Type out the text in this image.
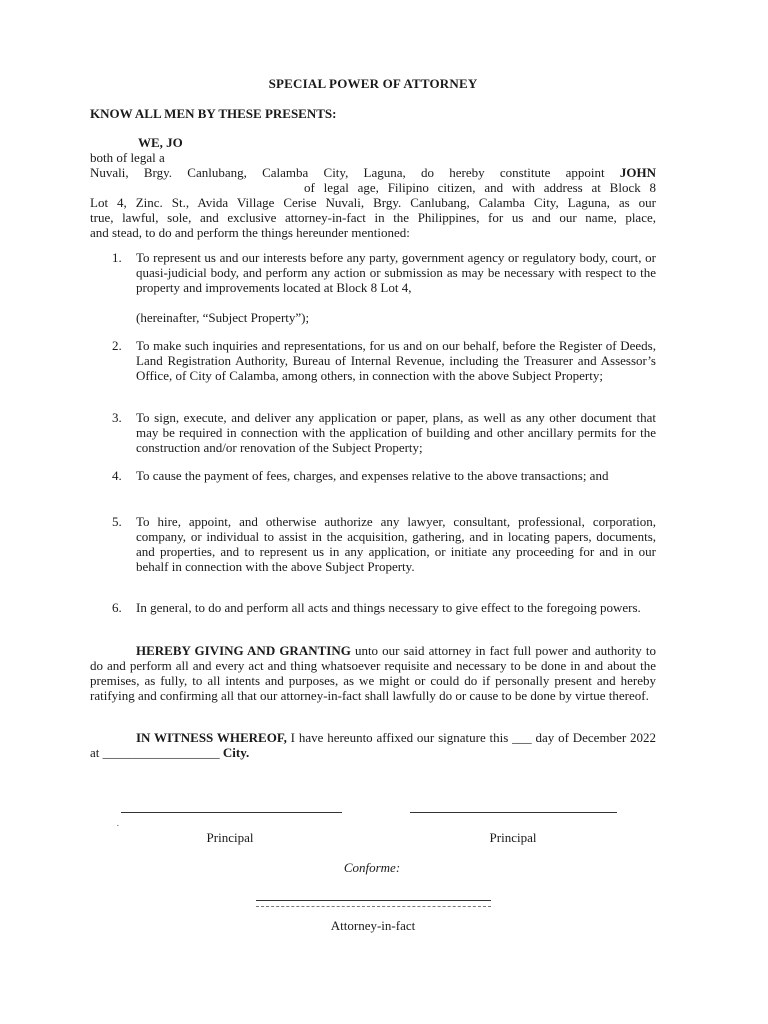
SPECIAL POWER OF ATTORNEY
KNOW ALL MEN BY THESE PRESENTS:
WE, JO
both of legal a
Nuvali, Brgy. Canlubang, Calamba City, Laguna, do hereby constitute appoint JOHN
of legal age, Filipino citizen, and with address at Block 8
Lot 4, Zinc. St., Avida Village Cerise Nuvali, Brgy. Canlubang, Calamba City, Laguna, as our
true, lawful, sole, and exclusive attorney-in-fact in the Philippines, for us and our name, place,
and stead, to do and perform the things hereunder mentioned:
1. To represent us and our interests before any party, government agency or regulatory body, court, or quasi-judicial body, and perform any action or submission as may be necessary with respect to the property and improvements located at Block 8 Lot 4,
(hereinafter, “Subject Property”);
2. To make such inquiries and representations, for us and on our behalf, before the Register of Deeds, Land Registration Authority, Bureau of Internal Revenue, including the Treasurer and Assessor’s Office, of City of Calamba, among others, in connection with the above Subject Property;
3. To sign, execute, and deliver any application or paper, plans, as well as any other document that may be required in connection with the application of building and other ancillary permits for the construction and/or renovation of the Subject Property;
4. To cause the payment of fees, charges, and expenses relative to the above transactions; and
5. To hire, appoint, and otherwise authorize any lawyer, consultant, professional, corporation, company, or individual to assist in the acquisition, gathering, and in locating papers, documents, and properties, and to represent us in any application, or initiate any proceeding for and in our behalf in connection with the above Subject Property.
6. In general, to do and perform all acts and things necessary to give effect to the foregoing powers.
HEREBY GIVING AND GRANTING unto our said attorney in fact full power and authority to do and perform all and every act and thing whatsoever requisite and necessary to be done in and about the premises, as fully, to all intents and purposes, as we might or could do if personally present and hereby ratifying and confirming all that our attorney-in-fact shall lawfully do or cause to be done by virtue thereof.
IN WITNESS WHEREOF, I have hereunto affixed our signature this ___ day of December 2022 at __________________ City.
˙
Principal	Principal
Conforme:
Attorney-in-fact
